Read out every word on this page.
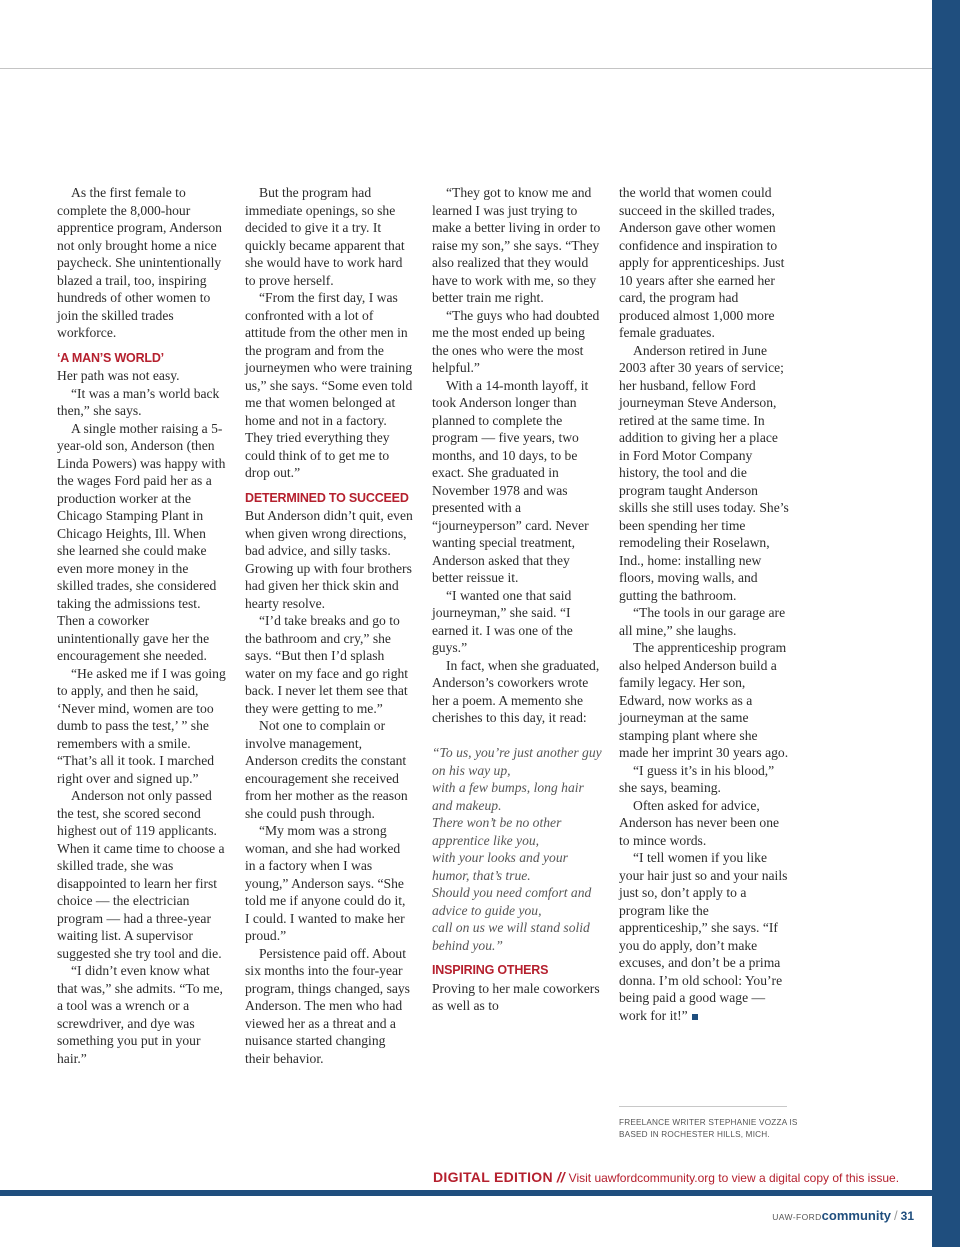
As the first female to complete the 8,000-hour apprentice program, Anderson not only brought home a nice paycheck. She unintentionally blazed a trail, too, inspiring hundreds of other women to join the skilled trades workforce.

‘A MAN’S WORLD’

Her path was not easy.

“It was a man’s world back then,” she says.

A single mother raising a 5-year-old son, Anderson (then Linda Powers) was happy with the wages Ford paid her as a production worker at the Chicago Stamping Plant in Chicago Heights, Ill. When she learned she could make even more money in the skilled trades, she considered taking the admissions test. Then a coworker unintentionally gave her the encouragement she needed.

“He asked me if I was going to apply, and then he said, ‘Never mind, women are too dumb to pass the test,’ ” she remembers with a smile. “That’s all it took. I marched right over and signed up.”

Anderson not only passed the test, she scored second highest out of 119 applicants. When it came time to choose a skilled trade, she was disappointed to learn her first choice — the electrician program — had a three-year waiting list. A supervisor suggested she try tool and die.

“I didn’t even know what that was,” she admits. “To me, a tool was a wrench or a screwdriver, and dye was something you put in your hair.”

But the program had immediate openings, so she decided to give it a try. It quickly became apparent that she would have to work hard to prove herself.

“From the first day, I was confronted with a lot of attitude from the other men in the program and from the journeymen who were training us,” she says. “Some even told me that women belonged at home and not in a factory. They tried everything they could think of to get me to drop out.”

DETERMINED TO SUCCEED

But Anderson didn’t quit, even when given wrong directions, bad advice, and silly tasks. Growing up with four brothers had given her thick skin and hearty resolve.

“I’d take breaks and go to the bathroom and cry,” she says. “But then I’d splash water on my face and go right back. I never let them see that they were getting to me.”

Not one to complain or involve management, Anderson credits the constant encouragement she received from her mother as the reason she could push through.

“My mom was a strong woman, and she had worked in a factory when I was young,” Anderson says. “She told me if anyone could do it, I could. I wanted to make her proud.”

Persistence paid off. About six months into the four-year program, things changed, says Anderson. The men who had viewed her as a threat and a nuisance started changing their behavior.

“They got to know me and learned I was just trying to make a better living in order to raise my son,” she says. “They also realized that they would have to work with me, so they better train me right.

“The guys who had doubted me the most ended up being the ones who were the most helpful.”

With a 14-month layoff, it took Anderson longer than planned to complete the program — five years, two months, and 10 days, to be exact. She graduated in November 1978 and was presented with a “journeyperson” card. Never wanting special treatment, Anderson asked that they better reissue it.

“I wanted one that said journeyman,” she said. “I earned it. I was one of the guys.”

In fact, when she graduated, Anderson’s coworkers wrote her a poem. A memento she cherishes to this day, it read:

“To us, you’re just another guy on his way up,

with a few bumps, long hair and makeup.

There won’t be no other apprentice like you,

with your looks and your humor, that’s true.

Should you need comfort and advice to guide you,

call on us we will stand solid behind you.”

INSPIRING OTHERS

Proving to her male coworkers as well as to

the world that women could succeed in the skilled trades, Anderson gave other women confidence and inspiration to apply for apprenticeships. Just 10 years after she earned her card, the program had produced almost 1,000 more female graduates.

Anderson retired in June 2003 after 30 years of service; her husband, fellow Ford journeyman Steve Anderson, retired at the same time. In addition to giving her a place in Ford Motor Company history, the tool and die program taught Anderson skills she still uses today. She’s been spending her time remodeling their Roselawn, Ind., home: installing new floors, moving walls, and gutting the bathroom.

“The tools in our garage are all mine,” she laughs.

The apprenticeship program also helped Anderson build a family legacy. Her son, Edward, now works as a journeyman at the same stamping plant where she made her imprint 30 years ago.

“I guess it’s in his blood,” she says, beaming.

Often asked for advice, Anderson has never been one to mince words.

“I tell women if you like your hair just so and your nails just so, don’t apply to a program like the apprenticeship,” she says. “If you do apply, don’t make excuses, and don’t be a prima donna. I’m old school: You’re being paid a good wage — work for it!”

FREELANCE WRITER STEPHANIE VOZZA IS BASED IN ROCHESTER HILLS, MICH.
DIGITAL EDITION // Visit uawfordcommunity.org to view a digital copy of this issue.
UAW-FORDcommunity / 31
